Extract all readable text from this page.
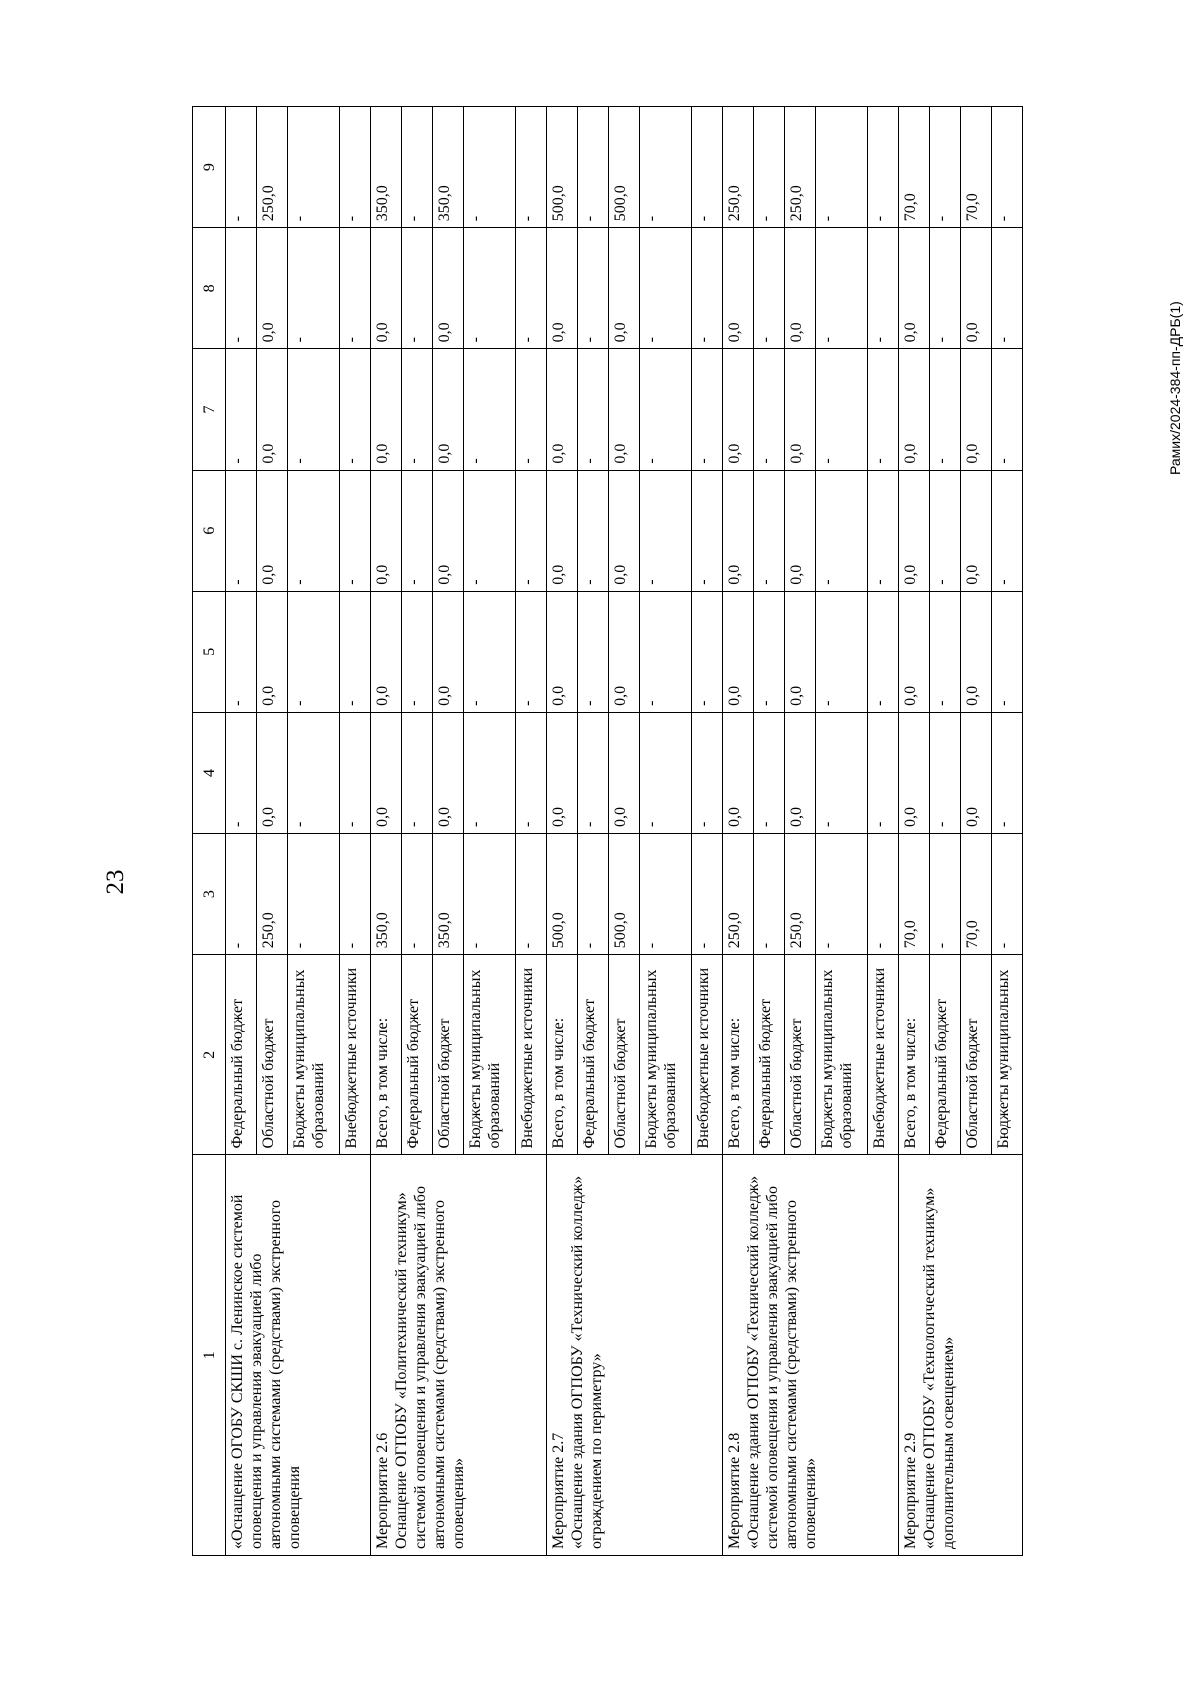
23
Рамих/2024-384-пп-ДРБ(1)
1	2	3	4	5	6	7	8	9
«Оснащение ОГОБУ СКШИ с. Ленинское системой оповещения и управления эвакуацией либо автономными системами (средствами) экстренного оповещения	Федеральный бюджет	-	-	-	-	-	-	-
	Областной бюджет	250,0	0,0	0,0	0,0	0,0	0,0	250,0
	Бюджеты муниципальных образований	-	-	-	-	-	-	-
	Внебюджетные источники	-	-	-	-	-	-	-
Мероприятие 2.6
Оснащение ОГПОБУ «Политехнический техникум» системой оповещения и управления эвакуацией либо автономными системами (средствами) экстренного оповещения»	Всего, в том числе:	350,0	0,0	0,0	0,0	0,0	0,0	350,0
	Федеральный бюджет	-	-	-	-	-	-	-
	Областной бюджет	350,0	0,0	0,0	0,0	0,0	0,0	350,0
	Бюджеты муниципальных образований	-	-	-	-	-	-	-
	Внебюджетные источники	-	-	-	-	-	-	-
Мероприятие 2.7
«Оснащение здания ОГПОБУ «Технический колледж» ограждением по периметру»	Всего, в том числе:	500,0	0,0	0,0	0,0	0,0	0,0	500,0
	Федеральный бюджет	-	-	-	-	-	-	-
	Областной бюджет	500,0	0,0	0,0	0,0	0,0	0,0	500,0
	Бюджеты муниципальных образований	-	-	-	-	-	-	-
	Внебюджетные источники	-	-	-	-	-	-	-
Мероприятие 2.8
«Оснащение здания ОГПОБУ «Технический колледж» системой оповещения и управления эвакуацией либо автономными системами (средствами) экстренного оповещения»	Всего, в том числе:	250,0	0,0	0,0	0,0	0,0	0,0	250,0
	Федеральный бюджет	-	-	-	-	-	-	-
	Областной бюджет	250,0	0,0	0,0	0,0	0,0	0,0	250,0
	Бюджеты муниципальных образований	-	-	-	-	-	-	-
	Внебюджетные источники	-	-	-	-	-	-	-
Мероприятие 2.9
«Оснащение ОГПОБУ «Технологический техникум» дополнительным освещением»	Всего, в том числе:	70,0	0,0	0,0	0,0	0,0	0,0	70,0
	Федеральный бюджет	-	-	-	-	-	-	-
	Областной бюджет	70,0	0,0	0,0	0,0	0,0	0,0	70,0
	Бюджеты муниципальных	-	-	-	-	-	-	-
